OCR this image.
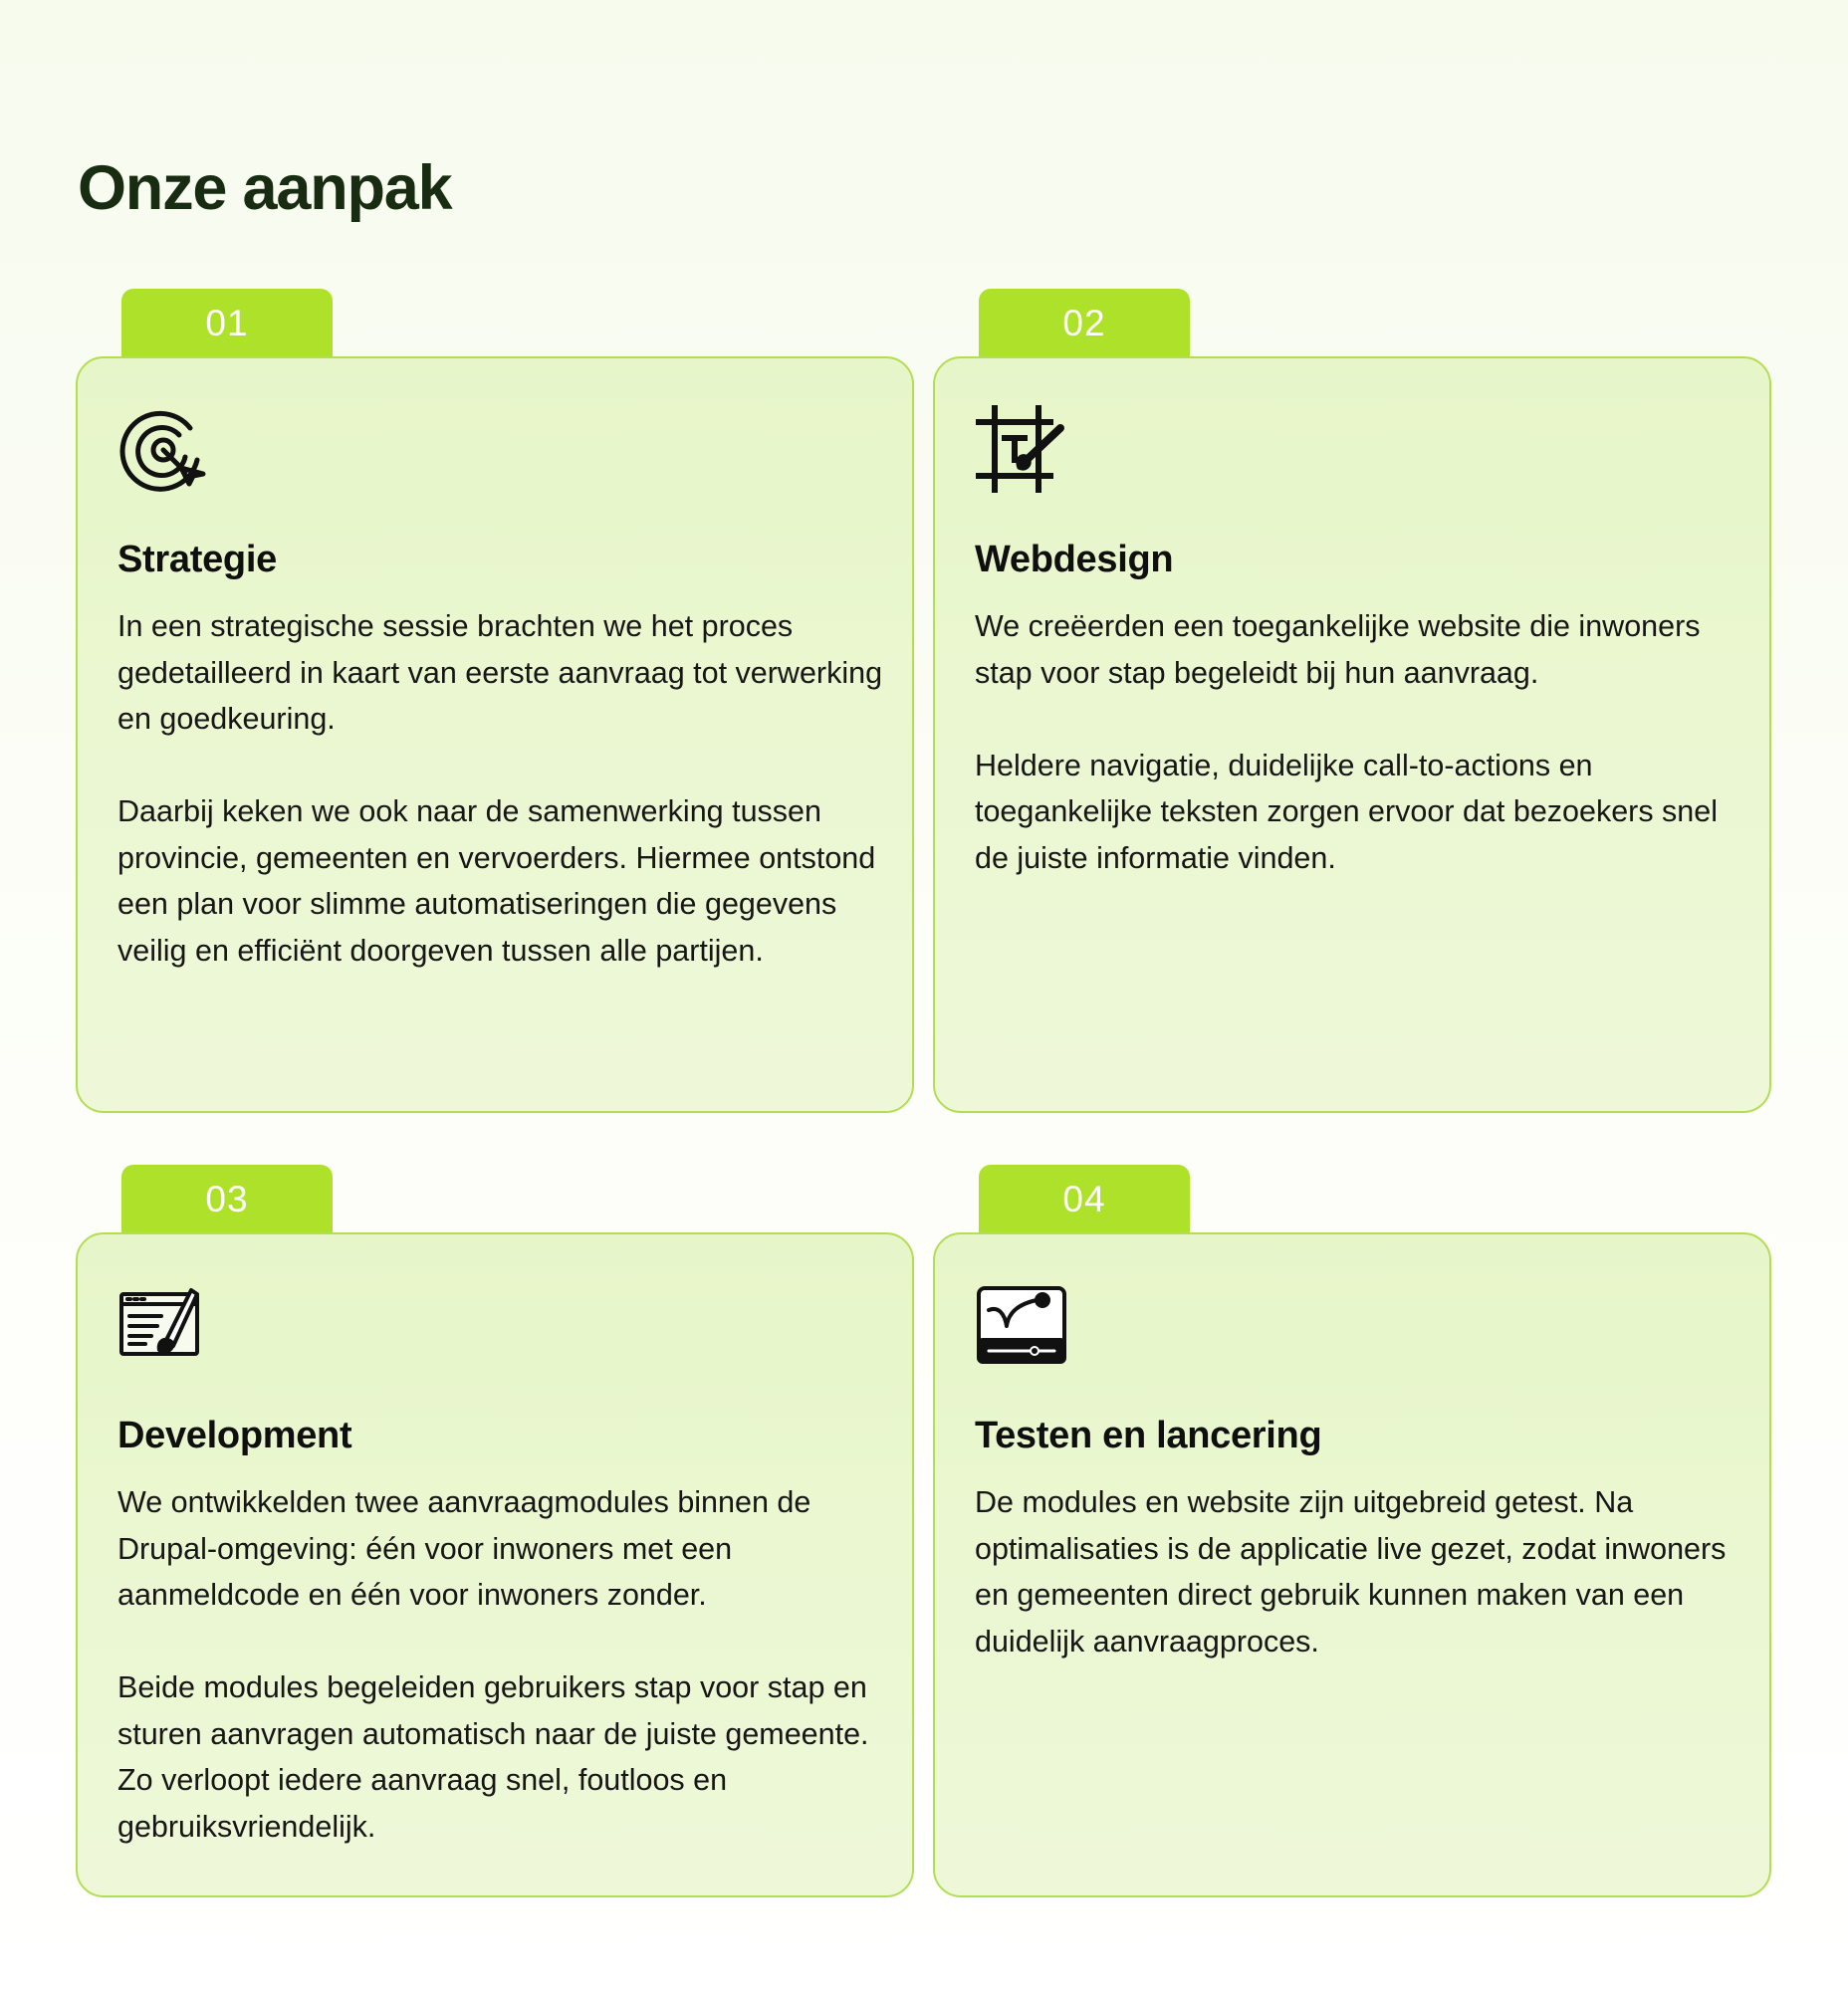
Onze aanpak
01
Strategie

In een strategische sessie brachten we het proces gedetailleerd in kaart van eerste aanvraag tot verwerking en goedkeuring.

Daarbij keken we ook naar de samenwerking tussen provincie, gemeenten en vervoerders. Hiermee ontstond een plan voor slimme automatiseringen die gegevens veilig en efficiënt doorgeven tussen alle partijen.

02
Webdesign

We creëerden een toegankelijke website die inwoners stap voor stap begeleidt bij hun aanvraag.

Heldere navigatie, duidelijke call-to-actions en toegankelijke teksten zorgen ervoor dat bezoekers snel de juiste informatie vinden.

03
Development

We ontwikkelden twee aanvraagmodules binnen de Drupal-omgeving: één voor inwoners met een aanmeldcode en één voor inwoners zonder.

Beide modules begeleiden gebruikers stap voor stap en sturen aanvragen automatisch naar de juiste gemeente. Zo verloopt iedere aanvraag snel, foutloos en gebruiksvriendelijk.

04
Testen en lancering

De modules en website zijn uitgebreid getest. Na optimalisaties is de applicatie live gezet, zodat inwoners en gemeenten direct gebruik kunnen maken van een duidelijk aanvraagproces.
